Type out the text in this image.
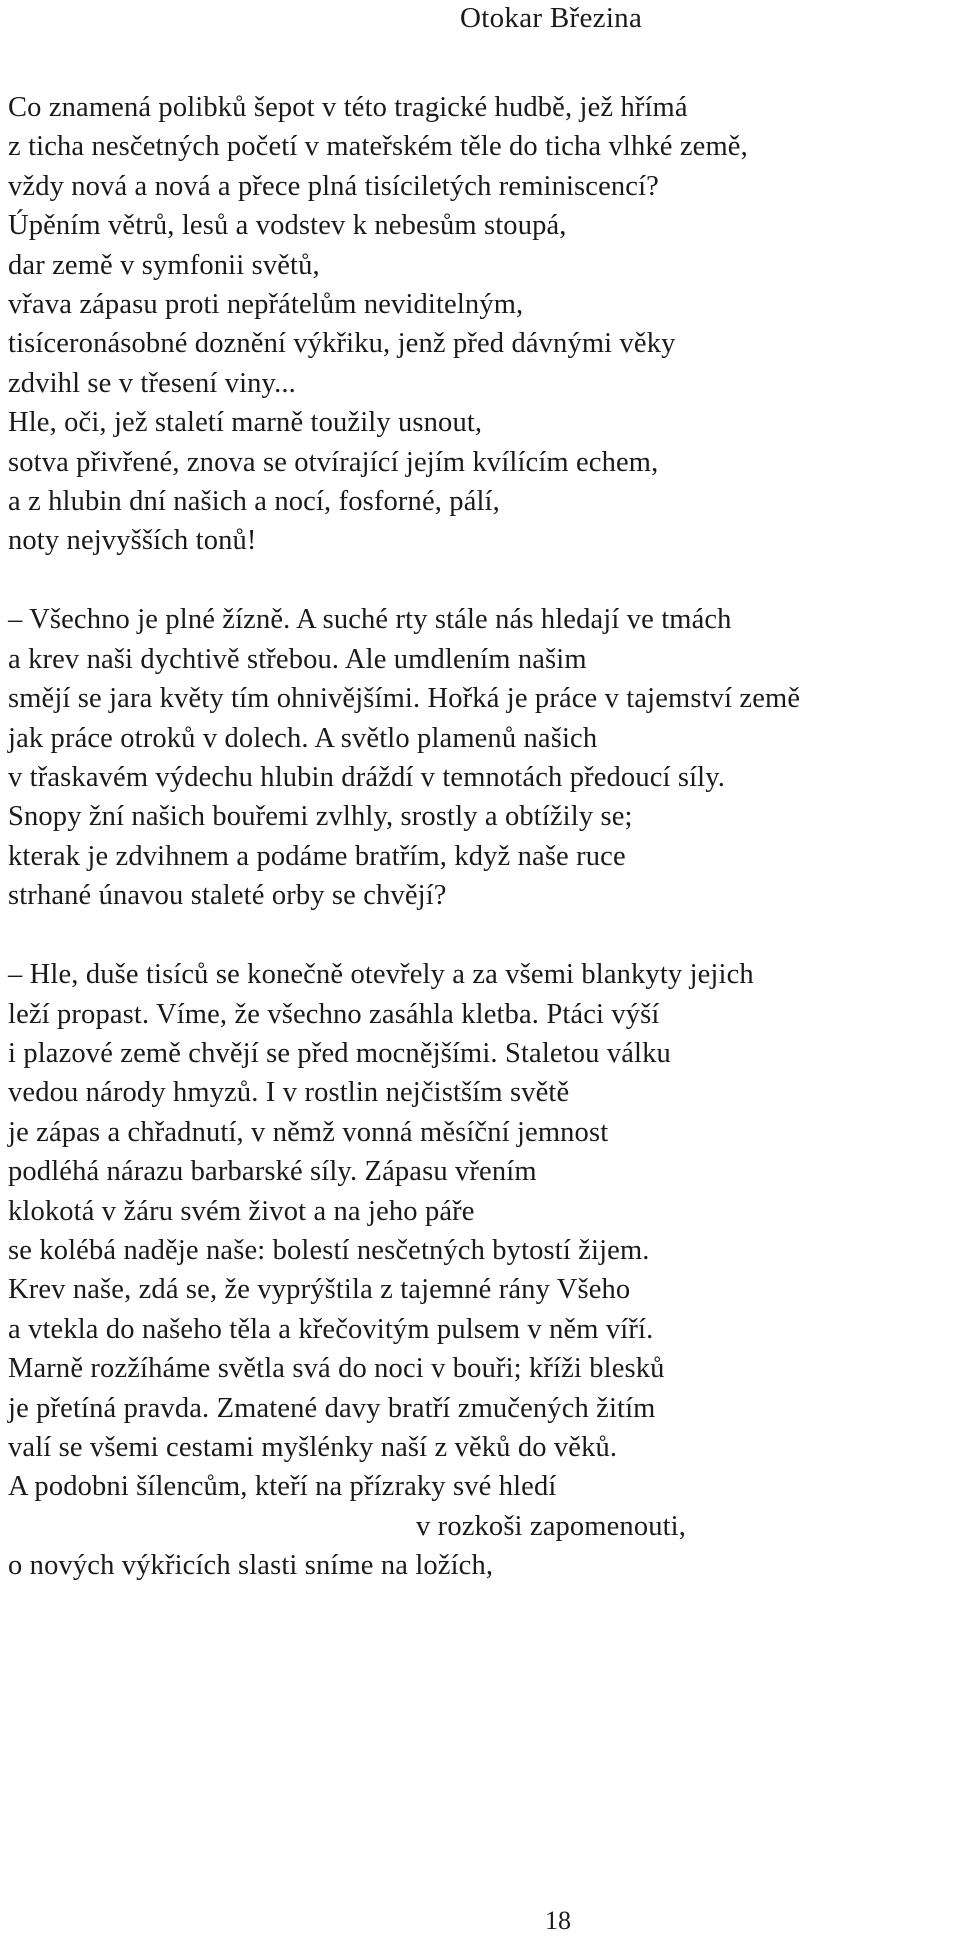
Otokar Březina
Co znamená polibků šepot v této tragické hudbě, jež hřímá
z ticha nesčetných početí v mateřském těle do ticha vlhké země,
vždy nová a nová a přece plná tisíciletých reminiscencí?
Úpěním větrů, lesů a vodstev k nebesům stoupá,
dar země v symfonii světů,
vřava zápasu proti nepřátelům neviditelným,
tisíceronásobné doznění výkřiku, jenž před dávnými věky
zdvihl se v třesení viny...
Hle, oči, jež staletí marně toužily usnout,
sotva přivřené, znova se otvírající jejím kvílícím echem,
a z hlubin dní našich a nocí, fosforné, pálí,
noty nejvyšších tonů!
– Všechno je plné žízně. A suché rty stále nás hledají ve tmách
a krev naši dychtivě střebou. Ale umdlením našim
smějí se jara květy tím ohnivějšími. Hořká je práce v tajemství země
jak práce otroků v dolech. A světlo plamenů našich
v třaskavém výdechu hlubin dráždí v temnotách předoucí síly.
Snopy žní našich bouřemi zvlhly, srostly a obtížily se;
kterak je zdvihnem a podáme bratřím, když naše ruce
strhané únavou staleté orby se chvějí?
– Hle, duše tisíců se konečně otevřely a za všemi blankyty jejich
leží propast. Víme, že všechno zasáhla kletba. Ptáci výší
i plazové země chvějí se před mocnějšími. Staletou válku
vedou národy hmyzů. I v rostlin nejčistším světě
je zápas a chřadnutí, v němž vonná měsíční jemnost
podléhá nárazu barbarské síly. Zápasu vřením
klokotá v žáru svém život a na jeho páře
se kolébá naděje naše: bolestí nesčetných bytostí žijem.
Krev naše, zdá se, že vyprýštila z tajemné rány Všeho
a vtekla do našeho těla a křečovitým pulsem v něm víří.
Marně rozžíháme světla svá do noci v bouři; kříži blesků
je přetíná pravda. Zmatené davy bratří zmučených žitím
valí se všemi cestami myšlénky naší z věků do věků.
A podobni šílencům, kteří na přízraky své hledí
v rozkoši zapomenouti,
o nových výkřicích slasti sníme na ložích,
18
